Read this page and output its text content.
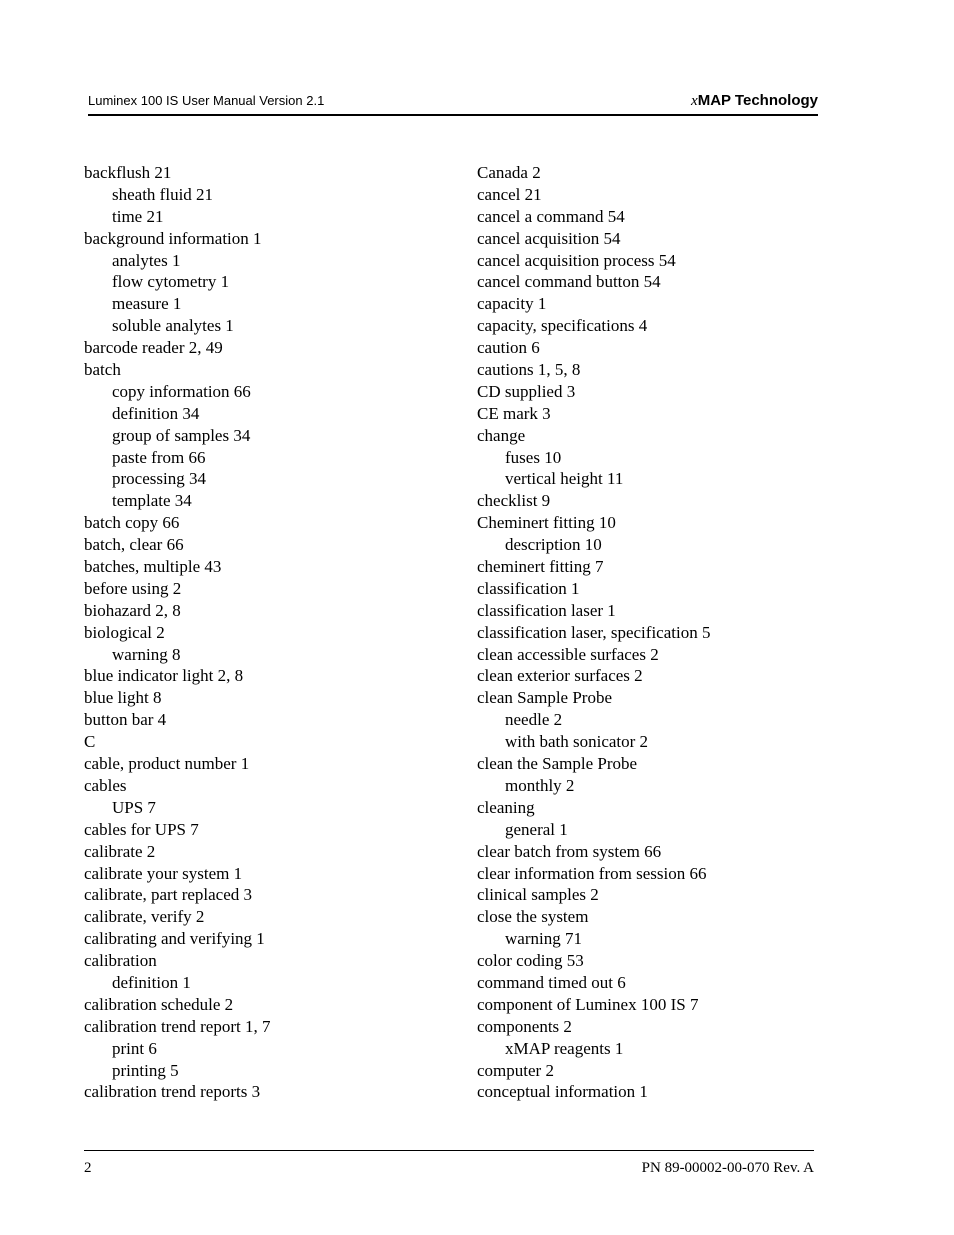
Luminex 100 IS User Manual Version 2.1	xMAP Technology
backflush 21
sheath fluid 21
time 21
background information 1
analytes 1
flow cytometry 1
measure 1
soluble analytes 1
barcode reader 2, 49
batch
copy information 66
definition 34
group of samples 34
paste from 66
processing 34
template 34
batch copy 66
batch, clear 66
batches, multiple 43
before using 2
biohazard 2, 8
biological 2
warning 8
blue indicator light 2, 8
blue light 8
button bar 4
C
cable, product number 1
cables
UPS 7
cables for UPS 7
calibrate 2
calibrate your system 1
calibrate, part replaced 3
calibrate, verify 2
calibrating and verifying 1
calibration
definition 1
calibration schedule 2
calibration trend report 1, 7
print 6
printing 5
calibration trend reports 3
Canada 2
cancel 21
cancel a command 54
cancel acquisition 54
cancel acquisition process 54
cancel command button 54
capacity 1
capacity, specifications 4
caution 6
cautions 1, 5, 8
CD supplied 3
CE mark 3
change
fuses 10
vertical height 11
checklist 9
Cheminert fitting 10
description 10
cheminert fitting 7
classification 1
classification laser 1
classification laser, specification 5
clean accessible surfaces 2
clean exterior surfaces 2
clean Sample Probe
needle 2
with bath sonicator 2
clean the Sample Probe
monthly 2
cleaning
general 1
clear batch from system 66
clear information from session 66
clinical samples 2
close the system
warning 71
color coding 53
command timed out 6
component of Luminex 100 IS 7
components 2
xMAP reagents 1
computer 2
conceptual information 1
2	PN 89-00002-00-070 Rev. A
